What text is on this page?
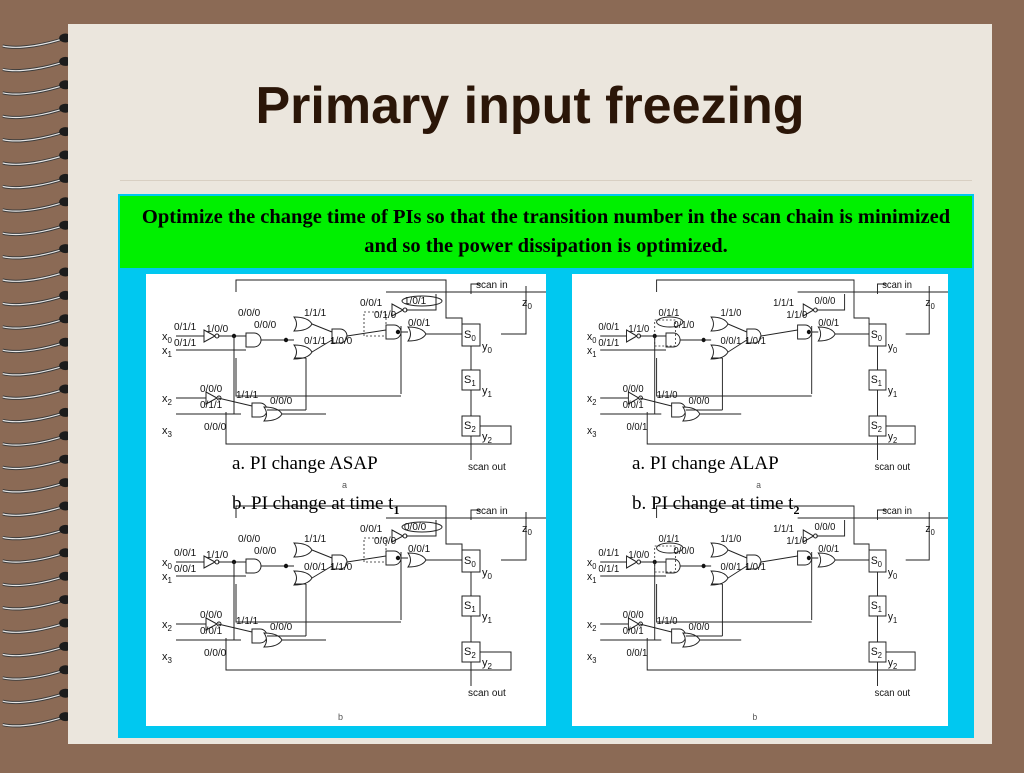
Primary input freezing
Optimize the change time of PIs so that the transition number in the scan chain is minimized and so the power dissipation is optimized.
scan in
scan out
$z_0$
$x_0$
$x_1$
$x_2$
$x_3$
$S_0$
$S_1$
$S_2$
$y_0$
$y_1$
$y_2$
a
0/1/1
0/1/1
1/0/0
0/0/0
0/0/0
1/1/1
0/1/1 1/0/0
0/0/1
0/1/0
1/0/1
0/0/1
0/0/0
0/1/1
1/1/1
0/0/0
0/0/0
scan in
scan out
$z_0$
$x_0$
$x_1$
$x_2$
$x_3$
$S_0$
$S_1$
$S_2$
$y_0$
$y_1$
$y_2$
b
0/0/1
0/0/1
1/1/0
0/0/0
0/0/0
1/1/1
0/0/1 1/1/0
0/0/1
0/0/0
0/0/0
0/0/1
0/0/0
0/0/1
1/1/1
0/0/0
0/0/0
scan in
scan out
$z_0$
$x_0$
$x_1$
$x_2$
$x_3$
$S_0$
$S_1$
$S_2$
$y_0$
$y_1$
$y_2$
a
0/0/1
0/1/1
1/1/0
0/1/1
0/1/0
1/1/0
0/0/1 1/0/1
1/1/1
1/1/0
0/0/0
0/0/1
0/0/0
0/0/1
1/1/0
0/0/0
0/0/1
scan in
scan out
$z_0$
$x_0$
$x_1$
$x_2$
$x_3$
$S_0$
$S_1$
$S_2$
$y_0$
$y_1$
$y_2$
b
0/1/1
0/1/1
1/0/0
0/1/1
0/0/0
1/1/0
0/0/1 1/0/1
1/1/1
1/1/0
0/0/0
0/0/1
0/0/0
0/0/1
1/1/0
0/0/0
0/0/1
a. PI change ASAP
b. PI change at time $t_1$
a. PI change ALAP
b. PI change at time $t_2$
